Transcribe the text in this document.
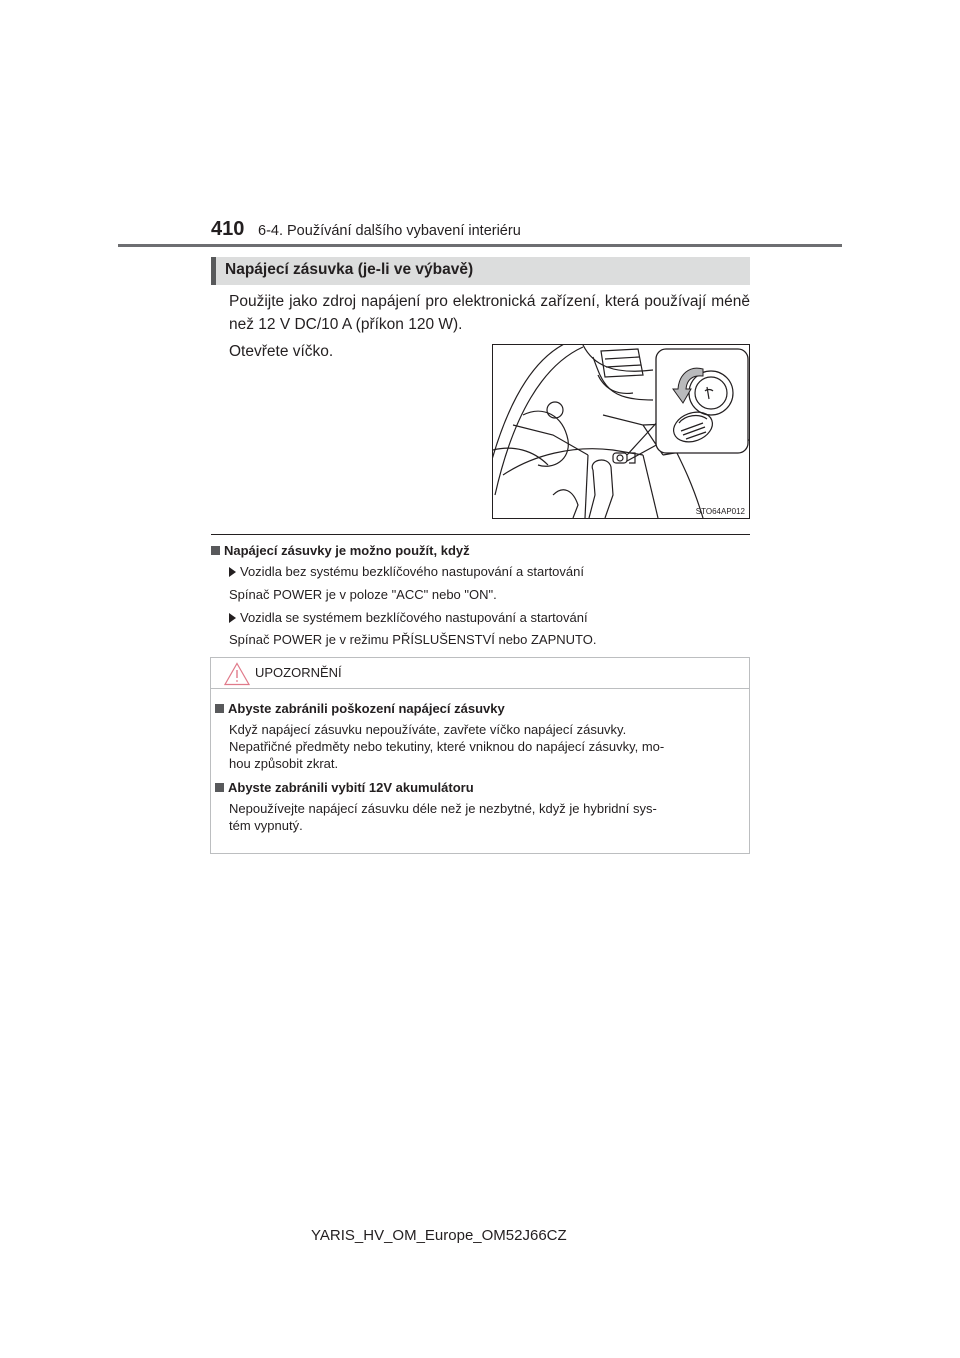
410 6-4. Používání dalšího vybavení interiéru
Napájecí zásuvka (je-li ve výbavě)
Použijte jako zdroj napájení pro elektronická zařízení, která používají méně než 12 V DC/10 A (příkon 120 W).
Otevřete víčko.
STO64AP012
Napájecí zásuvky je možno použít, když
Vozidla bez systému bezklíčového nastupování a startování
Spínač POWER je v poloze "ACC" nebo "ON".
Vozidla se systémem bezklíčového nastupování a startování
Spínač POWER je v režimu PŘÍSLUŠENSTVÍ nebo ZAPNUTO.
UPOZORNĚNÍ
Abyste zabránili poškození napájecí zásuvky
Když napájecí zásuvku nepoužíváte, zavřete víčko napájecí zásuvky.
Nepatřičné předměty nebo tekutiny, které vniknou do napájecí zásuvky, mo-
hou způsobit zkrat.
Abyste zabránili vybití 12V akumulátoru
Nepoužívejte napájecí zásuvku déle než je nezbytné, když je hybridní sys-
tém vypnutý.
YARIS_HV_OM_Europe_OM52J66CZ
